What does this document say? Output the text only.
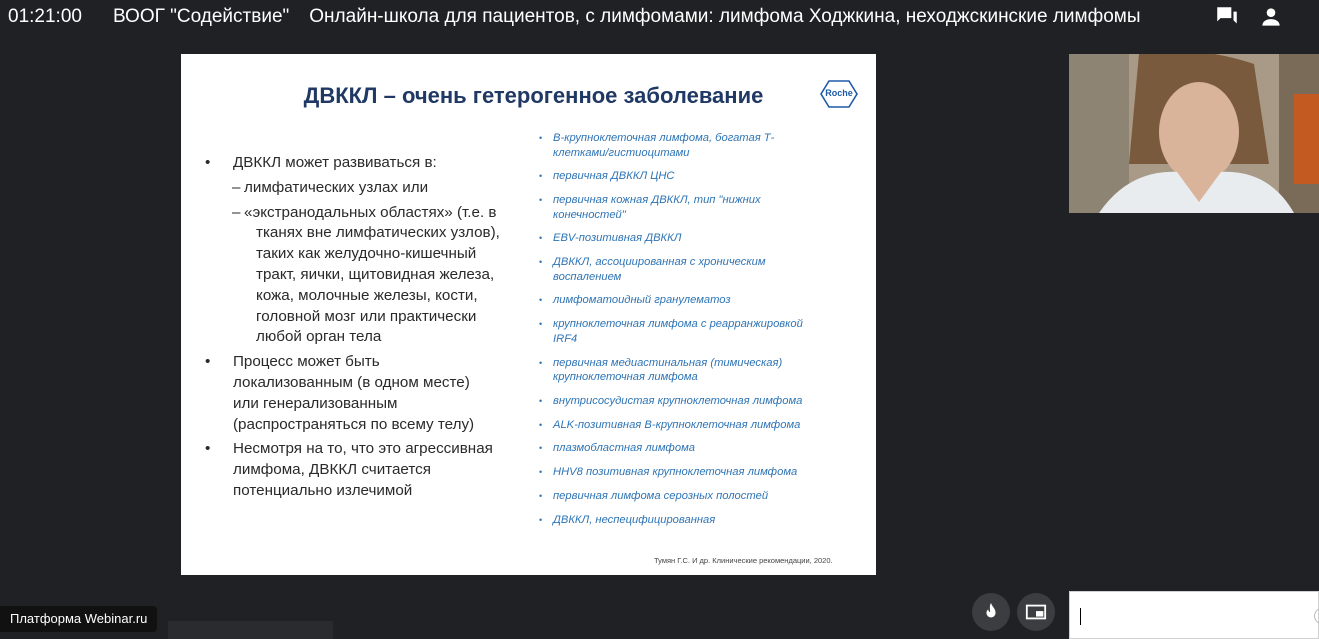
01:21:00 ВООГ "Содействие" Онлайн-школа для пациентов, с лимфомами: лимфома Ходжкина, неходжскинские лимфомы
ДВККЛ – очень гетерогенное заболевание	Roche
• ДВККЛ может развиваться в:
– лимфатических узлах или
– «экстранодальных областях» (т.е. в
тканях вне лимфатических узлов),
таких как желудочно-кишечный
тракт, яички, щитовидная железа,
кожа, молочные железы, кости,
головной мозг или практически
любой орган тела
• Процесс может быть
локализованным (в одном месте)
или генерализованным
(распространяться по всему телу)
• Несмотря на то, что это агрессивная
лимфома, ДВККЛ считается
потенциально излечимой
• В-крупноклеточная лимфома, богатая Т-
клетками/гистиоцитами
• первичная ДВККЛ ЦНС
• первичная кожная ДВККЛ, тип "нижних
конечностей"
• EBV-позитивная ДВККЛ
• ДВККЛ, ассоциированная с хроническим
воспалением
• лимфоматоидный гранулематоз
• крупноклеточная лимфома с реарранжировкой
IRF4
• первичная медиастинальная (тимическая)
крупноклеточная лимфома
• внутрисосудистая крупноклеточная лимфома
• ALK-позитивная В-крупноклеточная лимфома
• плазмобластная лимфома
• HHV8 позитивная крупноклеточная лимфома
• первичная лимфома серозных полостей
• ДВККЛ, неспецифицированная
Тумян Г.С. И др. Клинические рекомендации, 2020.
Платформа Webinar.ru
